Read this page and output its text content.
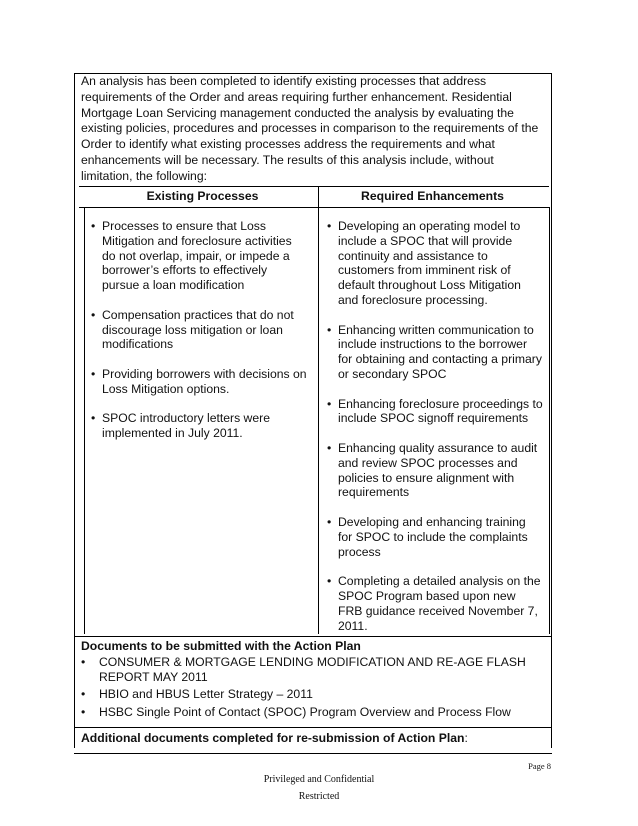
An analysis has been completed to identify existing processes that address
requirements of the Order and areas requiring further enhancement. Residential
Mortgage Loan Servicing management conducted the analysis by evaluating the
existing policies, procedures and processes in comparison to the requirements of the
Order to identify what existing processes address the requirements and what
enhancements will be necessary. The results of this analysis include, without
limitation, the following:
Existing Processes	Required Enhancements
• Processes to ensure that Loss
Mitigation and foreclosure activities
do not overlap, impair, or impede a
borrower’s efforts to effectively
pursue a loan modification
• Compensation practices that do not
discourage loss mitigation or loan
modifications
• Providing borrowers with decisions on
Loss Mitigation options.
• SPOC introductory letters were
implemented in July 2011.
• Developing an operating model to
include a SPOC that will provide
continuity and assistance to
customers from imminent risk of
default throughout Loss Mitigation
and foreclosure processing.
• Enhancing written communication to
include instructions to the borrower
for obtaining and contacting a primary
or secondary SPOC
• Enhancing foreclosure proceedings to
include SPOC signoff requirements
• Enhancing quality assurance to audit
and review SPOC processes and
policies to ensure alignment with
requirements
• Developing and enhancing training
for SPOC to include the complaints
process
• Completing a detailed analysis on the
SPOC Program based upon new
FRB guidance received November 7,
2011.
Documents to be submitted with the Action Plan
• CONSUMER & MORTGAGE LENDING MODIFICATION AND RE-AGE FLASH
REPORT MAY 2011
• HBIO and HBUS Letter Strategy – 2011
• HSBC Single Point of Contact (SPOC) Program Overview and Process Flow
Additional documents completed for re-submission of Action Plan:
Page 8
Privileged and Confidential
Restricted
